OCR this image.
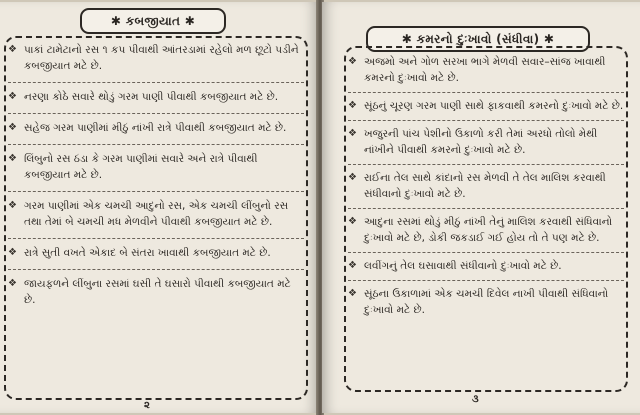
✱ કબજીયાત ✱
❖ પાકાં ટામેટાનો રસ ૧ કપ પીવાથી આંતરડામાં રહેલો મળ છૂટો પડીને કબજીયાત મટે છે.
❖ નરણા કોઠે સવારે થોડું ગરમ પાણી પીવાથી કબજીયાત મટે છે.
❖ સહેજ ગરમ પાણીમાં મીઠું નાંખી રાત્રે પીવાથી કબજીયાત મટે છે.
❖ લિંબુનો રસ ઠંડા કે ગરમ પાણીમાં સવારે અને રાત્રે પીવાથી કબજીયાત મટે છે.
❖ ગરમ પાણીમાં એક ચમચી આદુનો રસ, એક ચમચી લીંબુનો રસ તથા તેમાં બે ચમચી મધ મેળવીને પીવાથી કબજીયાત મટે છે.
❖ રાત્રે સુતી વખતે એકાદ બે સંતરા ખાવાથી કબજીયાત મટે છે.
❖ જાયફળને લીંબુના રસમાં ઘસી તે ઘસારો પીવાથી કબજીયાત મટે છે.
૨
✱ કમરનો દુઃખાવો (સંધીવા) ✱
❖ અજમો અને ગોળ સરખા ભાગે મેળવી સવાર–સાંજ ખાવાથી કમરનો દુઃખાવો મટે છે.
❖ સૂંઠનું ચૂરણ ગરમ પાણી સાથે ફાકવાથી કમરનો દુઃખાવો મટે છે.
❖ ખજુરની પાંચ પેશીનો ઉકાળો કરી તેમાં અરધો તોલો મેથી નાંખીને પીવાથી કમરનો દુઃખાવો મટે છે.
❖ રાઈના તેલ સાથે કાંદાનો રસ મેળવી તે તેલ માલિશ કરવાથી સંધીવાનો દુઃખાવો મટે છે.
❖ આદુના રસમાં થોડું મીઠું નાંખી તેનું માલિશ કરવાથી સંધિવાનો દુઃખાવો મટે છે, ડોકી જકડાઈ ગઈ હોય તો તે પણ મટે છે.
❖ લવીંગનું તેલ ઘસાવાથી સંધીવાનો દુઃખાવો મટે છે.
❖ સૂંઠના ઉકાળામાં એક ચમચી દિવેલ નાખી પીવાથી સંધિવાનો દુઃખાવો મટે છે.
૩
